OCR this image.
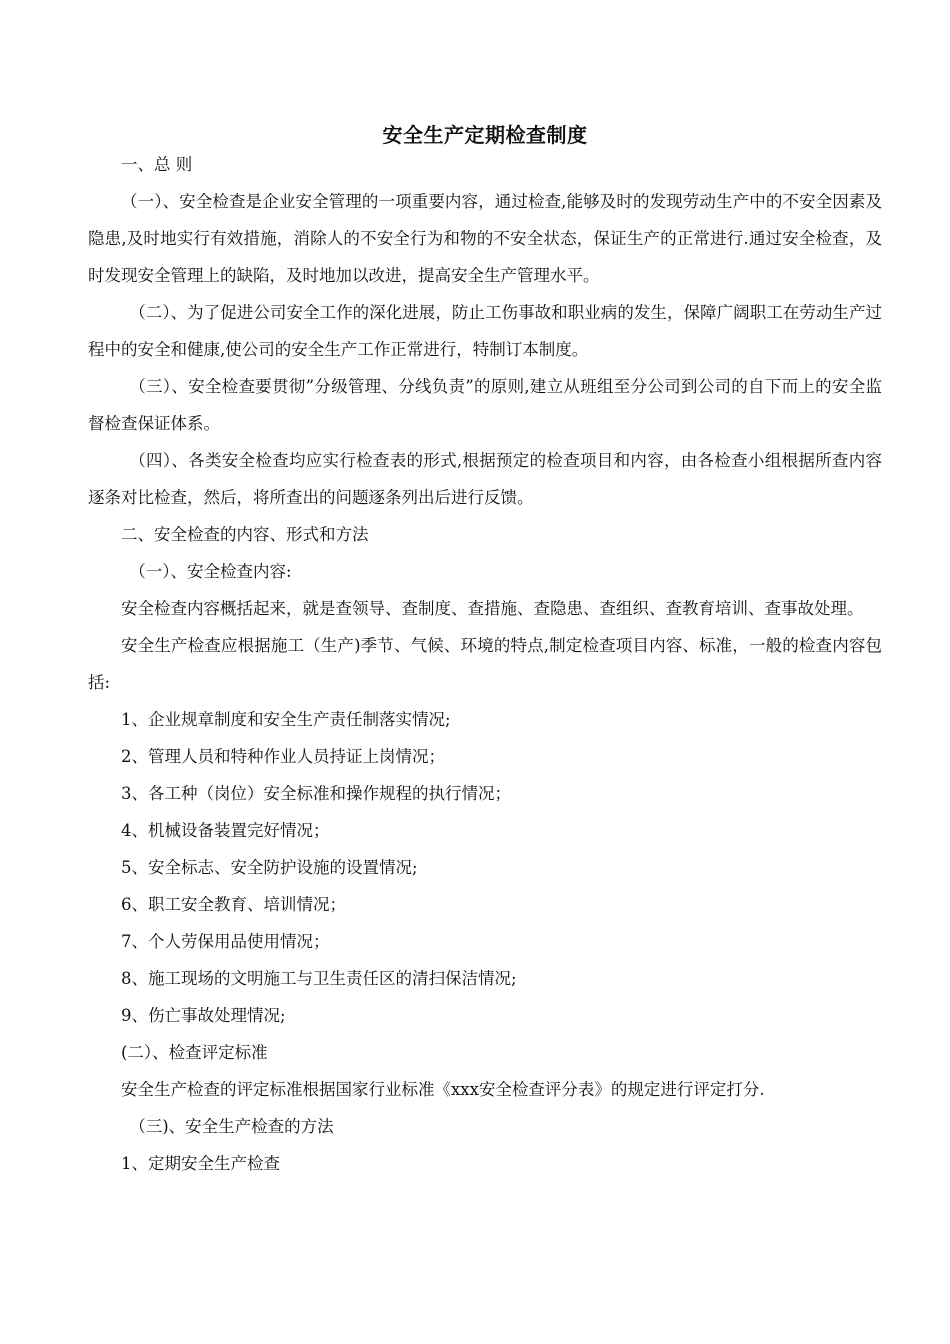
安全生产定期检查制度

一、总 则

（一）、安全检查是企业安全管理的一项重要内容，通过检查,能够及时的发现劳动生产中的不安全因素及隐患,及时地实行有效措施，消除人的不安全行为和物的不安全状态，保证生产的正常进行.通过安全检查，及时发现安全管理上的缺陷，及时地加以改进，提高安全生产管理水平。

（二）、为了促进公司安全工作的深化进展，防止工伤事故和职业病的发生，保障广阔职工在劳动生产过程中的安全和健康,使公司的安全生产工作正常进行，特制订本制度。

（三）、安全检查要贯彻”分级管理、分线负责”的原则,建立从班组至分公司到公司的自下而上的安全监督检查保证体系。

（四）、各类安全检查均应实行检查表的形式,根据预定的检查项目和内容，由各检查小组根据所查内容逐条对比检查，然后，将所查出的问题逐条列出后进行反馈。

二、安全检查的内容、形式和方法

（一）、安全检查内容:

安全检查内容概括起来，就是查领导、查制度、查措施、查隐患、查组织、查教育培训、查事故处理。

安全生产检查应根据施工（生产)季节、气候、环境的特点,制定检查项目内容、标准，一般的检查内容包括:

1、企业规章制度和安全生产责任制落实情况;

2、管理人员和特种作业人员持证上岗情况；

3、各工种（岗位）安全标准和操作规程的执行情况；

4、机械设备装置完好情况；

5、安全标志、安全防护设施的设置情况;

6、职工安全教育、培训情况；

7、个人劳保用品使用情况；

8、施工现场的文明施工与卫生责任区的清扫保洁情况;

9、伤亡事故处理情况;

(二）、检查评定标准

安全生产检查的评定标准根据国家行业标准《xxx安全检查评分表》的规定进行评定打分.

（三)、安全生产检查的方法

1、定期安全生产检查
